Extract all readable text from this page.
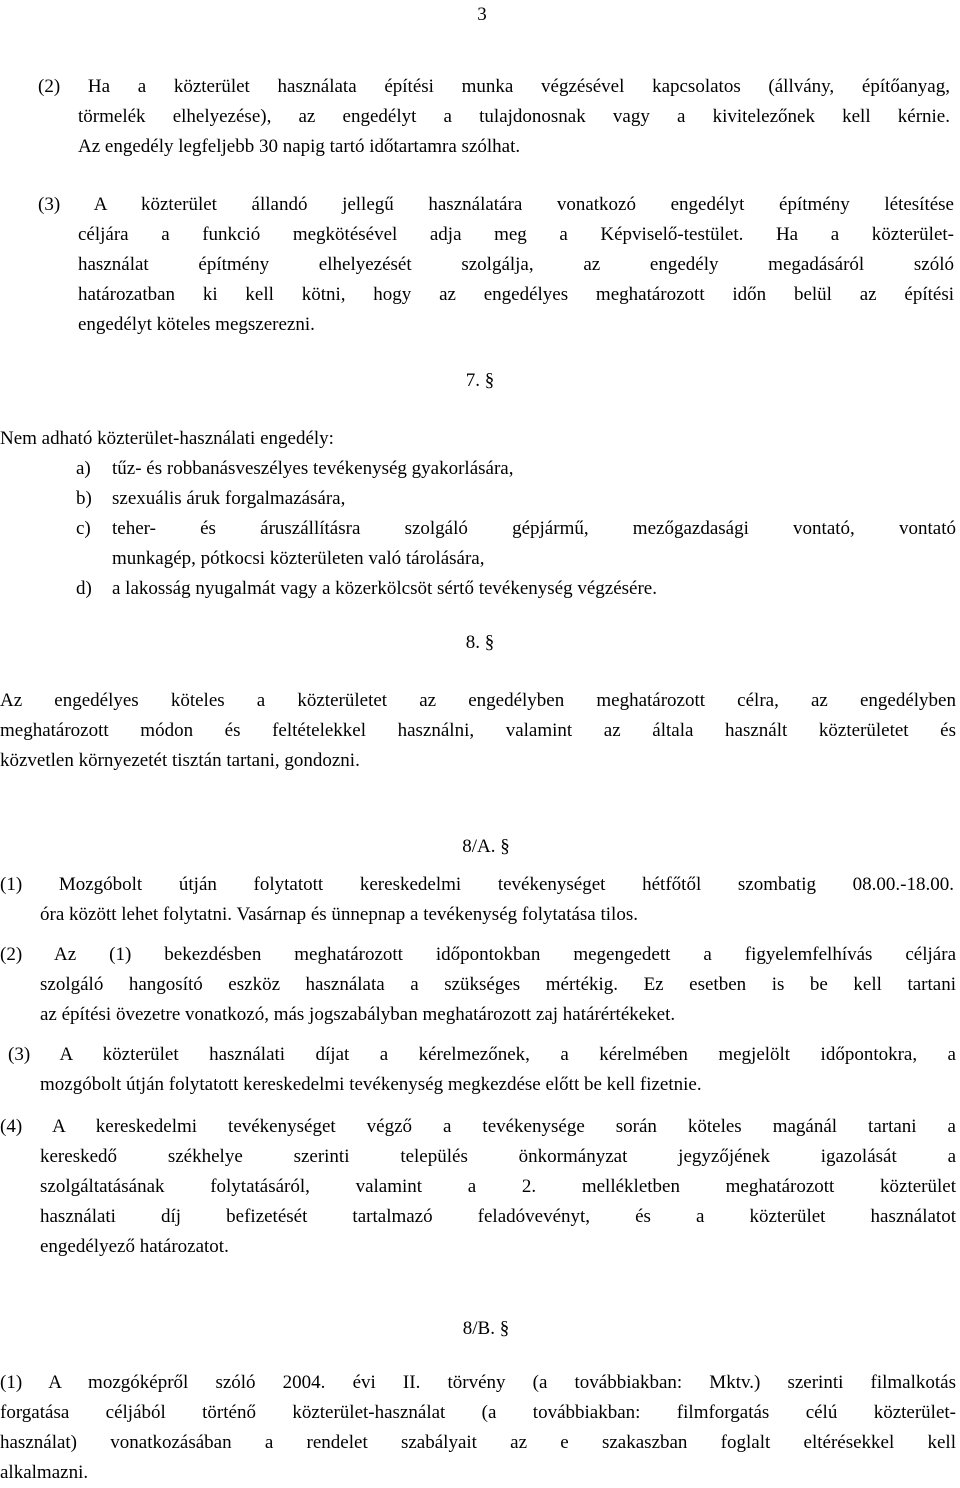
3
(2) Ha a közterület használata építési munka végzésével kapcsolatos (állvány, építőanyag,
törmelék elhelyezése), az engedélyt a tulajdonosnak vagy a kivitelezőnek kell kérnie.
Az engedély legfeljebb 30 napig tartó időtartamra szólhat.
(3) A közterület állandó jellegű használatára vonatkozó engedélyt építmény létesítése
céljára a funkció megkötésével adja meg a Képviselő-testület. Ha a közterület-
használat építmény elhelyezését szolgálja, az engedély megadásáról szóló
határozatban ki kell kötni, hogy az engedélyes meghatározott időn belül az építési
engedélyt köteles megszerezni.
7. §
Nem adható közterület-használati engedély:
a) tűz- és robbanásveszélyes tevékenység gyakorlására,
b) szexuális áruk forgalmazására,
c) teher- és áruszállításra szolgáló gépjármű, mezőgazdasági vontató, vontató
munkagép, pótkocsi közterületen való tárolására,
d) a lakosság nyugalmát vagy a közerkölcsöt sértő tevékenység végzésére.
8. §
Az engedélyes köteles a közterületet az engedélyben meghatározott célra, az engedélyben
meghatározott módon és feltételekkel használni, valamint az általa használt közterületet és
közvetlen környezetét tisztán tartani, gondozni.
8/A. §
(1) Mozgóbolt útján folytatott kereskedelmi tevékenységet hétfőtől szombatig 08.00.-18.00.
óra között lehet folytatni. Vasárnap és ünnepnap a tevékenység folytatása tilos.
(2) Az (1) bekezdésben meghatározott időpontokban megengedett a figyelemfelhívás céljára
szolgáló hangosító eszköz használata a szükséges mértékig. Ez esetben is be kell tartani
az építési övezetre vonatkozó, más jogszabályban meghatározott zaj határértékeket.
(3) A közterület használati díjat a kérelmezőnek, a kérelmében megjelölt időpontokra, a
mozgóbolt útján folytatott kereskedelmi tevékenység megkezdése előtt be kell fizetnie.
(4) A kereskedelmi tevékenységet végző a tevékenysége során köteles magánál tartani a
kereskedő székhelye szerinti település önkormányzat jegyzőjének igazolását a
szolgáltatásának folytatásáról, valamint a 2. mellékletben meghatározott közterület
használati díj befizetését tartalmazó feladóvevényt, és a közterület használatot
engedélyező határozatot.
8/B. §
(1) A mozgóképről szóló 2004. évi II. törvény (a továbbiakban: Mktv.) szerinti filmalkotás
forgatása céljából történő közterület-használat (a továbbiakban: filmforgatás célú közterület-
használat) vonatkozásában a rendelet szabályait az e szakaszban foglalt eltérésekkel kell
alkalmazni.
